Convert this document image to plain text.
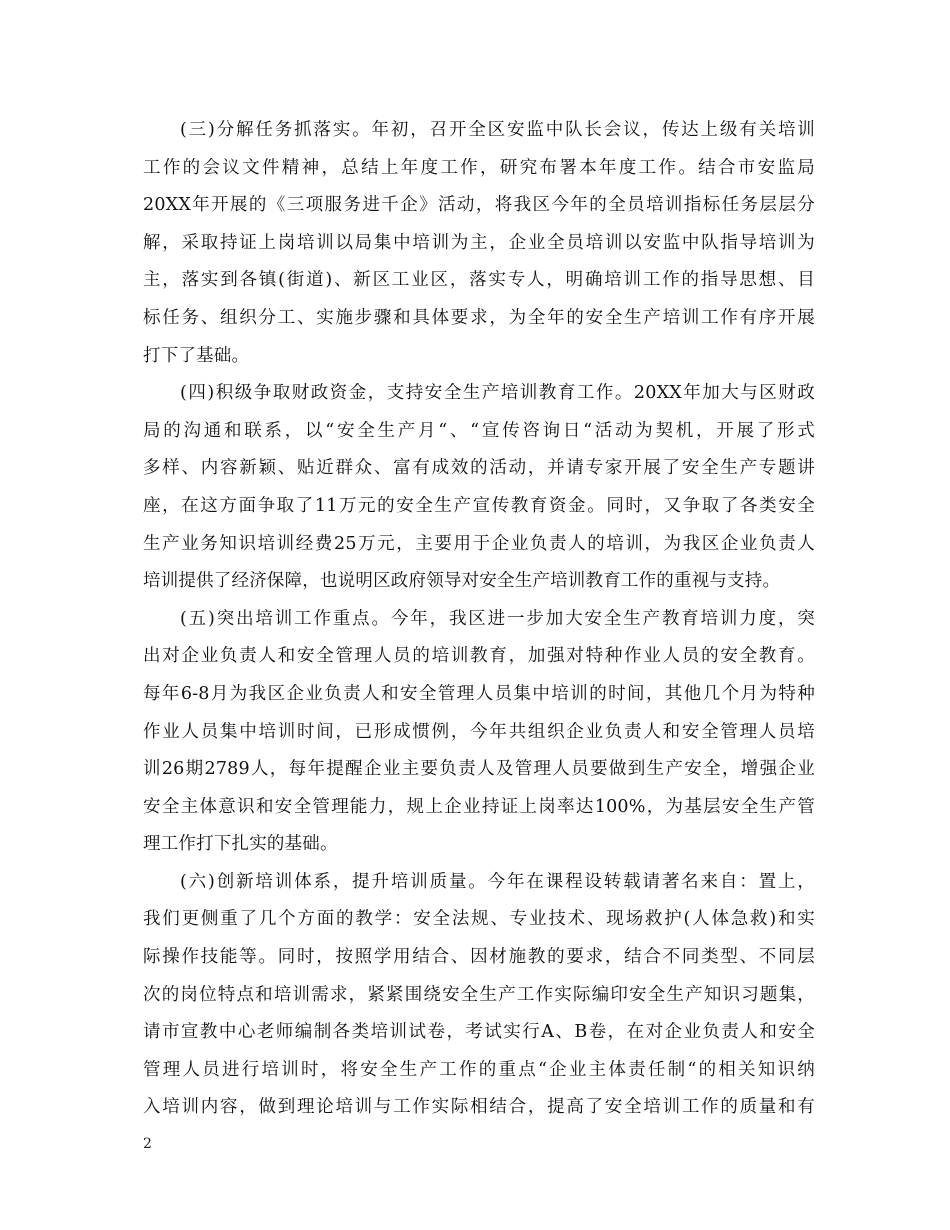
(三)分解任务抓落实。年初，召开全区安监中队长会议，传达上级有关培训
工作的会议文件精神，总结上年度工作，研究布署本年度工作。结合市安监局
20XX年开展的《三项服务进千企》活动，将我区今年的全员培训指标任务层层分
解，采取持证上岗培训以局集中培训为主，企业全员培训以安监中队指导培训为
主，落实到各镇(街道)、新区工业区，落实专人，明确培训工作的指导思想、目
标任务、组织分工、实施步骤和具体要求，为全年的安全生产培训工作有序开展
打下了基础。
(四)积级争取财政资金，支持安全生产培训教育工作。20XX年加大与区财政
局的沟通和联系，以“安全生产月“、“宣传咨询日“活动为契机，开展了形式
多样、内容新颖、贴近群众、富有成效的活动，并请专家开展了安全生产专题讲
座，在这方面争取了11万元的安全生产宣传教育资金。同时，又争取了各类安全
生产业务知识培训经费25万元，主要用于企业负责人的培训，为我区企业负责人
培训提供了经济保障，也说明区政府领导对安全生产培训教育工作的重视与支持。
(五)突出培训工作重点。今年，我区进一步加大安全生产教育培训力度，突
出对企业负责人和安全管理人员的培训教育，加强对特种作业人员的安全教育。
每年6-8月为我区企业负责人和安全管理人员集中培训的时间，其他几个月为特种
作业人员集中培训时间，已形成惯例，今年共组织企业负责人和安全管理人员培
训26期2789人，每年提醒企业主要负责人及管理人员要做到生产安全，增强企业
安全主体意识和安全管理能力，规上企业持证上岗率达100%，为基层安全生产管
理工作打下扎实的基础。
(六)创新培训体系，提升培训质量。今年在课程设转载请著名来自：置上，
我们更侧重了几个方面的教学：安全法规、专业技术、现场救护(人体急救)和实
际操作技能等。同时，按照学用结合、因材施教的要求，结合不同类型、不同层
次的岗位特点和培训需求，紧紧围绕安全生产工作实际编印安全生产知识习题集，
请市宣教中心老师编制各类培训试卷，考试实行A、B卷，在对企业负责人和安全
管理人员进行培训时，将安全生产工作的重点“企业主体责任制“的相关知识纳
入培训内容，做到理论培训与工作实际相结合，提高了安全培训工作的质量和有
2
